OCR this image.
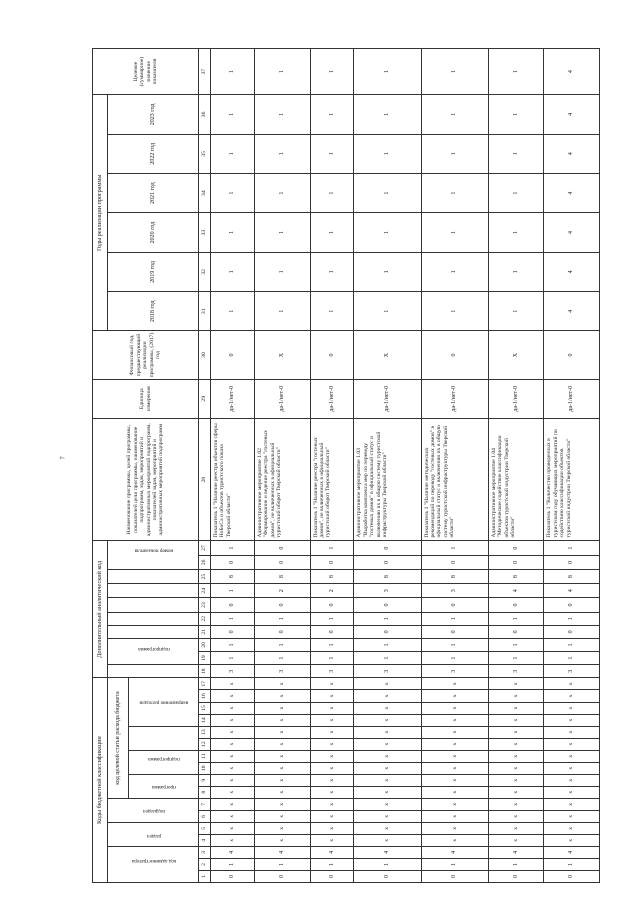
7
Коды бюджетной классификации																	Дополнительный аналитический код										Наименование программы, целей программы, показателей цели программы, наименование подпрограмм, задач, мероприятий и административных мероприятий подпрограмм, показателей задач, мероприятий и административных мероприятий подпрограмм	Единица измерения	Финансовый год, предшествующий реализации программы, (2017) год	Годы реализации программы						Целевое (суммарное) значение показателя
код администратора			раздел		подраздел		код целевой статьи расхода бюджета											подпрограмма							номер показателя					2018 год	2019 год	2020 год	2021 год	2022 год	2023 год	
							программа		подпрограмма				направление расходов																							
1	2	3	4	5	6	7	8	9	10	11	12	13	14	15	16	17	18	19	20	21	22	23	24	25	26	27	28	29	30	31	32	33	34	35	36	37
0	1	4	x	x	x	x	x	x	x	x	x	x	x	x	x	x	3	1	1	0	1	0	1	8	0	1	Показатель 1 "Наличие реестра объектов сферы НоБоСа и объектов туристского показа Тверской области"	да-1/нет-0	0	1	1	1	1	1	1	1
0	1	4	x	x	x	x	x	x	x	x	x	x	x	x	x	x	3	1	1	0	1	0	2	8	0	0	Административное мероприятие 1.02 "Формирование и ведение реестра "гостевых домов", не включенных в официальный туристский оборот Тверской области"	да-1/нет-0	X	1	1	1	1	1	1	1
0	1	4	x	x	x	x	x	x	x	x	x	x	x	x	x	x	3	1	1	0	1	0	2	8	0	1	Показатель 1 "Наличие реестра "гостевых домов", не включенных в официальный туристский оборот Тверской области"	да-1/нет-0	0	1	1	1	1	1	1	1
0	1	4	x	x	x	x	x	x	x	x	x	x	x	x	x	x	3	1	1	0	1	0	3	8	0	0	Административное мероприятие 1.03 "Выработка комплекса мер по переводу "гостевых домов" в официальный статус и включению их в общую систему туристской инфраструктуры Тверской области"	да-1/нет-0	X	1	1	1	1	1	1	1
0	1	4	x	x	x	x	x	x	x	x	x	x	x	x	x	x	3	1	1	0	1	0	3	8	0	1	Показатель 1 "Наличие методических рекомендаций по переводу "гостевых домов" в официальный статус и включению их в общую систему туристской инфраструктуры Тверской области"	да-1/нет-0	0	1	1	1	1	1	1	1
0	1	4	x	x	x	x	x	x	x	x	x	x	x	x	x	x	3	1	1	0	1	0	4	8	0	0	Административное мероприятие 1.04 "Методическое содействие классификации объектов туристской индустрии Тверской области"	да-1/нет-0	X	1	1	1	1	1	1	1
0	1	4	x	x	x	x	x	x	x	x	x	x	x	x	x	x	3	1	1	0	1	0	4	8	0	1	Показатель 1 "Количество проведенных в туристском году обучающих мероприятий по содействию классификации объектов туристской индустрии Тверской области"	да-1/нет-0	0	4	4	4	4	4	4	4
